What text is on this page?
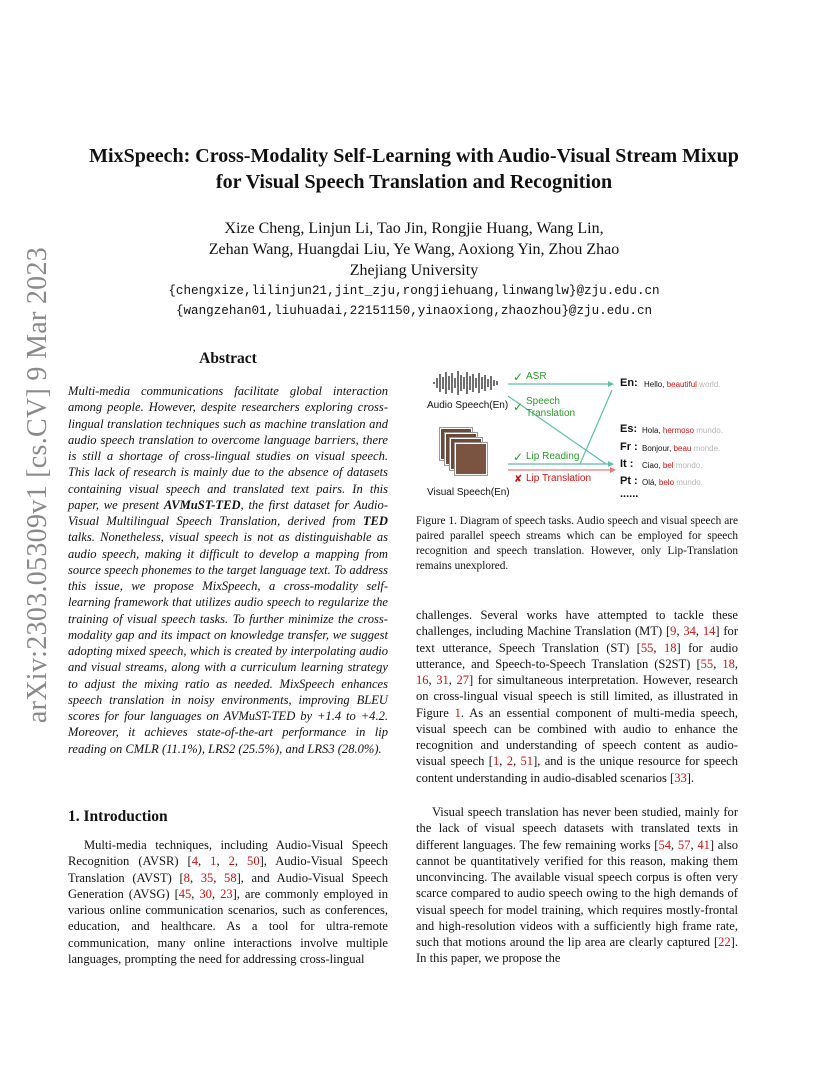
arXiv:2303.05309v1 [cs.CV] 9 Mar 2023
MixSpeech: Cross-Modality Self-Learning with Audio-Visual Stream Mixup
for Visual Speech Translation and Recognition
Xize Cheng, Linjun Li, Tao Jin, Rongjie Huang, Wang Lin,
Zehan Wang, Huangdai Liu, Ye Wang, Aoxiong Yin, Zhou Zhao
Zhejiang University
{chengxize,lilinjun21,jint_zju,rongjiehuang,linwanglw}@zju.edu.cn
{wangzehan01,liuhuadai,22151150,yinaoxiong,zhaozhou}@zju.edu.cn
Abstract
Multi-media communications facilitate global interaction among people. However, despite researchers exploring cross-lingual translation techniques such as machine translation and audio speech translation to overcome language barriers, there is still a shortage of cross-lingual studies on visual speech. This lack of research is mainly due to the absence of datasets containing visual speech and translated text pairs. In this paper, we present AVMuST-TED, the first dataset for Audio-Visual Multilingual Speech Translation, derived from TED talks. Nonetheless, visual speech is not as distinguishable as audio speech, making it difficult to develop a mapping from source speech phonemes to the target language text. To address this issue, we propose MixSpeech, a cross-modality self-learning framework that utilizes audio speech to regularize the training of visual speech tasks. To further minimize the cross-modality gap and its impact on knowledge transfer, we suggest adopting mixed speech, which is created by interpolating audio and visual streams, along with a curriculum learning strategy to adjust the mixing ratio as needed. MixSpeech enhances speech translation in noisy environments, improving BLEU scores for four languages on AVMuST-TED by +1.4 to +4.2. Moreover, it achieves state-of-the-art performance in lip reading on CMLR (11.1%), LRS2 (25.5%), and LRS3 (28.0%).
1. Introduction

Multi-media techniques, including Audio-Visual Speech Recognition (AVSR) [4, 1, 2, 50], Audio-Visual Speech Translation (AVST) [8, 35, 58], and Audio-Visual Speech Generation (AVSG) [45, 30, 23], are commonly employed in various online communication scenarios, such as conferences, education, and healthcare. As a tool for ultra-remote communication, many online interactions involve multiple languages, prompting the need for addressing cross-lingual

Audio Speech(En)
Visual Speech(En)
✓ ASR
✓ Speech
Translation
✓ Lip Reading
✘ Lip Translation
En: Hello, beautiful world.
Es: Hola, hermoso mundo.
Fr : Bonjour, beau monde.
It : Ciao, bel mondo.
Pt : Olá, belo mundo.
......
Figure 1. Diagram of speech tasks. Audio speech and visual speech are paired parallel speech streams which can be employed for speech recognition and speech translation. However, only Lip-Translation remains unexplored.

challenges. Several works have attempted to tackle these challenges, including Machine Translation (MT) [9, 34, 14] for text utterance, Speech Translation (ST) [55, 18] for audio utterance, and Speech-to-Speech Translation (S2ST) [55, 18, 16, 31, 27] for simultaneous interpretation. However, research on cross-lingual visual speech is still limited, as illustrated in Figure 1. As an essential component of multi-media speech, visual speech can be combined with audio to enhance the recognition and understanding of speech content as audio-visual speech [1, 2, 51], and is the unique resource for speech content understanding in audio-disabled scenarios [33].

Visual speech translation has never been studied, mainly for the lack of visual speech datasets with translated texts in different languages. The few remaining works [54, 57, 41] also cannot be quantitatively verified for this reason, making them unconvincing. The available visual speech corpus is often very scarce compared to audio speech owing to the high demands of visual speech for model training, which requires mostly-frontal and high-resolution videos with a sufficiently high frame rate, such that motions around the lip area are clearly captured [22]. In this paper, we propose the
